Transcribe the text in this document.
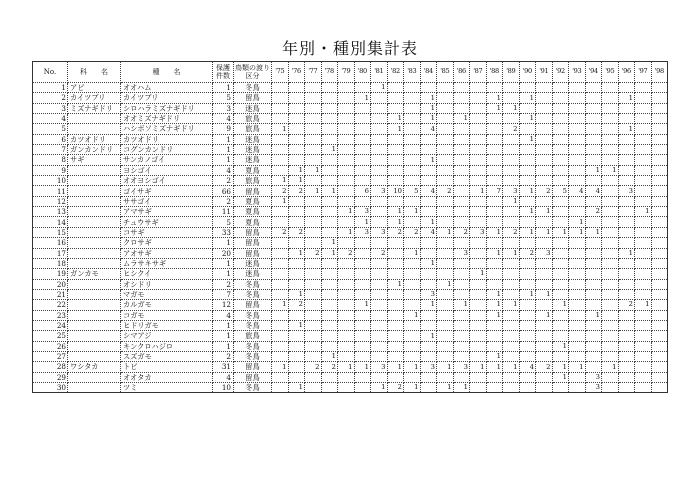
年別・種別集計表
No.	科　　名	種　　名	保護件数	鳥類の渡り区分	'75	'76	'77	'78	'79	'80	'81	'82	'83	'84	'85	'86	'87	'88	'89	'90	'91	'92	'93	'94	'95	'96	'97	'98
1	アビ	オオハム	1	冬鳥							1																	
2	カイツブリ	カイツブリ	5	留鳥						1				1				1		1						1		
3	ミズナギドリ	シロハラミズナギドリ	3	迷鳥										1				1	1									
4		オオミズナギドリ	4	旅鳥								1		1		1				1								
5		ハシボソミズナギドリ	9	旅鳥	1							1		4					2							1		
6	カツオドリ	カツオドリ	1	迷鳥																1								
7	ガンカンドリ	コグンカンドリ	1	迷鳥				1																				
8	サギ	サンカノゴイ	1	迷鳥										1														
9		ヨシゴイ	4	夏鳥		1	1																	1	1			
10		オオヨシゴイ	2	旅鳥	1	1																						
11		ゴイサギ	66	留鳥	2	2	1	1		6	3	10	5	4	2		1	7	3	1	2	5	4	4		3		
12		ササゴイ	2	夏鳥	1														1									
13		アマサギ	11	夏鳥					1	3		1	1							1	1			2			1	
14		チュウサギ	5	夏鳥						1		1		1									1					
15		コサギ	33	留鳥	2	2			1	3	3	2	2	4	1	2	3	1	2	1	1	1	1	1				
16		クロサギ	1	留鳥				1																				
17		アオサギ	20	留鳥		1	2	1	2		2		1			3		1	1	2	3					1		
18		ムラサキサギ	1	迷鳥										1														
19	ガンカモ	ヒシクイ	1	迷鳥													1											
20		オシドリ	2	冬鳥								1			1													
21		マガモ	7	冬鳥		1								3				1		1	1							
22		カルガモ	12	留鳥	1	2				1				1		1		1	1			1				2	1	
23		コガモ	4	冬鳥									1					1			1			1				
24		ヒドリガモ	1	冬鳥		1																						
25		シマアジ	1	旅鳥										1														
26		キンクロハジロ	1	冬鳥																		1						
27		スズガモ	2	冬鳥				1										1										
28	ワシタカ	トビ	31	留鳥	1		2	2	1	1	3	1	1	3	1	3	1	1	1	4	2	1	1		1			
29		オオタカ	4	留鳥																		1		3				
30		ツミ	10	冬鳥		1					1	2	1		1	1								3				
